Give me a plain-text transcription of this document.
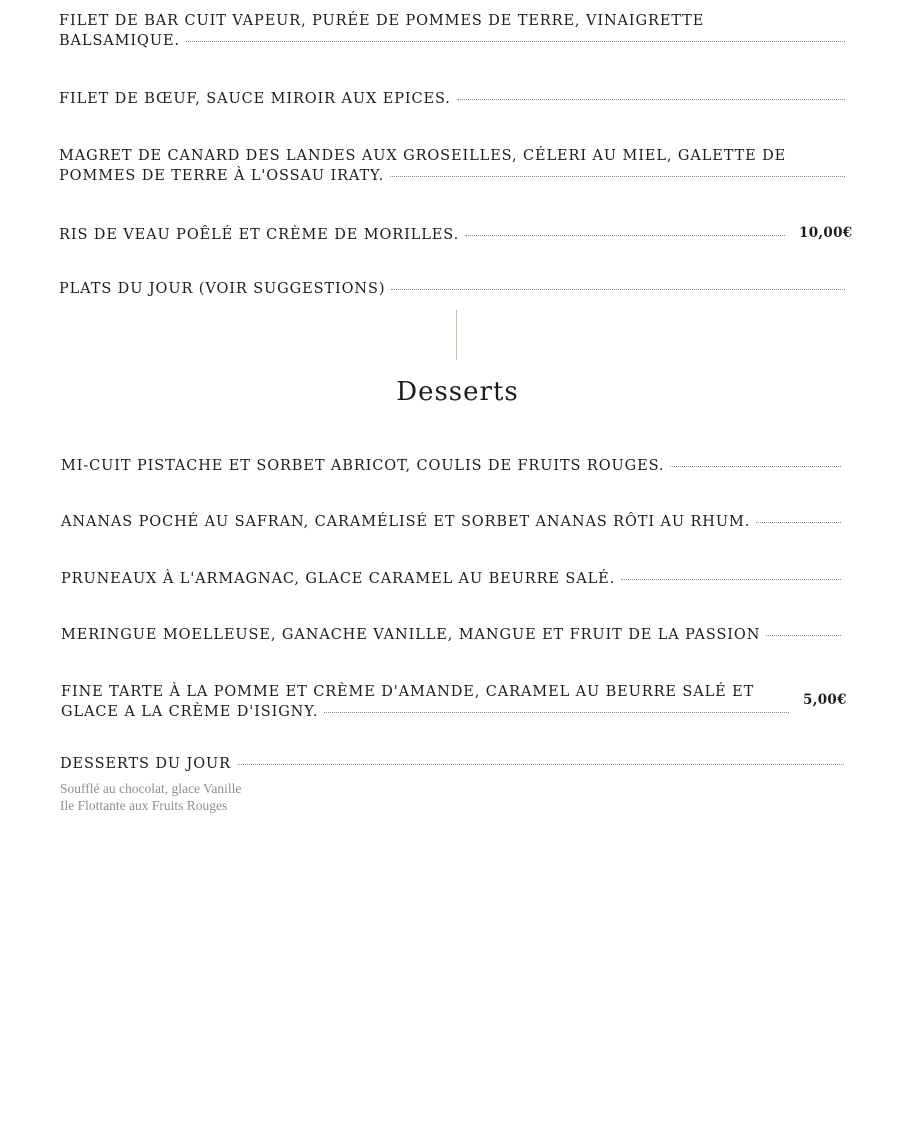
FILET DE BAR CUIT VAPEUR, PURÉE DE POMMES DE TERRE, VINAIGRETTE
BALSAMIQUE.
FILET DE BŒUF, SAUCE MIROIR AUX EPICES.
MAGRET DE CANARD DES LANDES AUX GROSEILLES, CÉLERI AU MIEL, GALETTE DE
POMMES DE TERRE À L'OSSAU IRATY.
RIS DE VEAU POÊLÉ ET CRÈME DE MORILLES.	10,00€
PLATS DU JOUR (VOIR SUGGESTIONS)
Desserts
MI-CUIT PISTACHE ET SORBET ABRICOT, COULIS DE FRUITS ROUGES.
ANANAS POCHÉ AU SAFRAN, CARAMÉLISÉ ET SORBET ANANAS RÔTI AU RHUM.
PRUNEAUX À L'ARMAGNAC, GLACE CARAMEL AU BEURRE SALÉ.
MERINGUE MOELLEUSE, GANACHE VANILLE, MANGUE ET FRUIT DE LA PASSION
FINE TARTE À LA POMME ET CRÈME D'AMANDE, CARAMEL AU BEURRE SALÉ ET
GLACE A LA CRÈME D'ISIGNY.
5,00€
DESSERTS DU JOUR
Soufflé au chocolat, glace Vanille
Ile Flottante aux Fruits Rouges
